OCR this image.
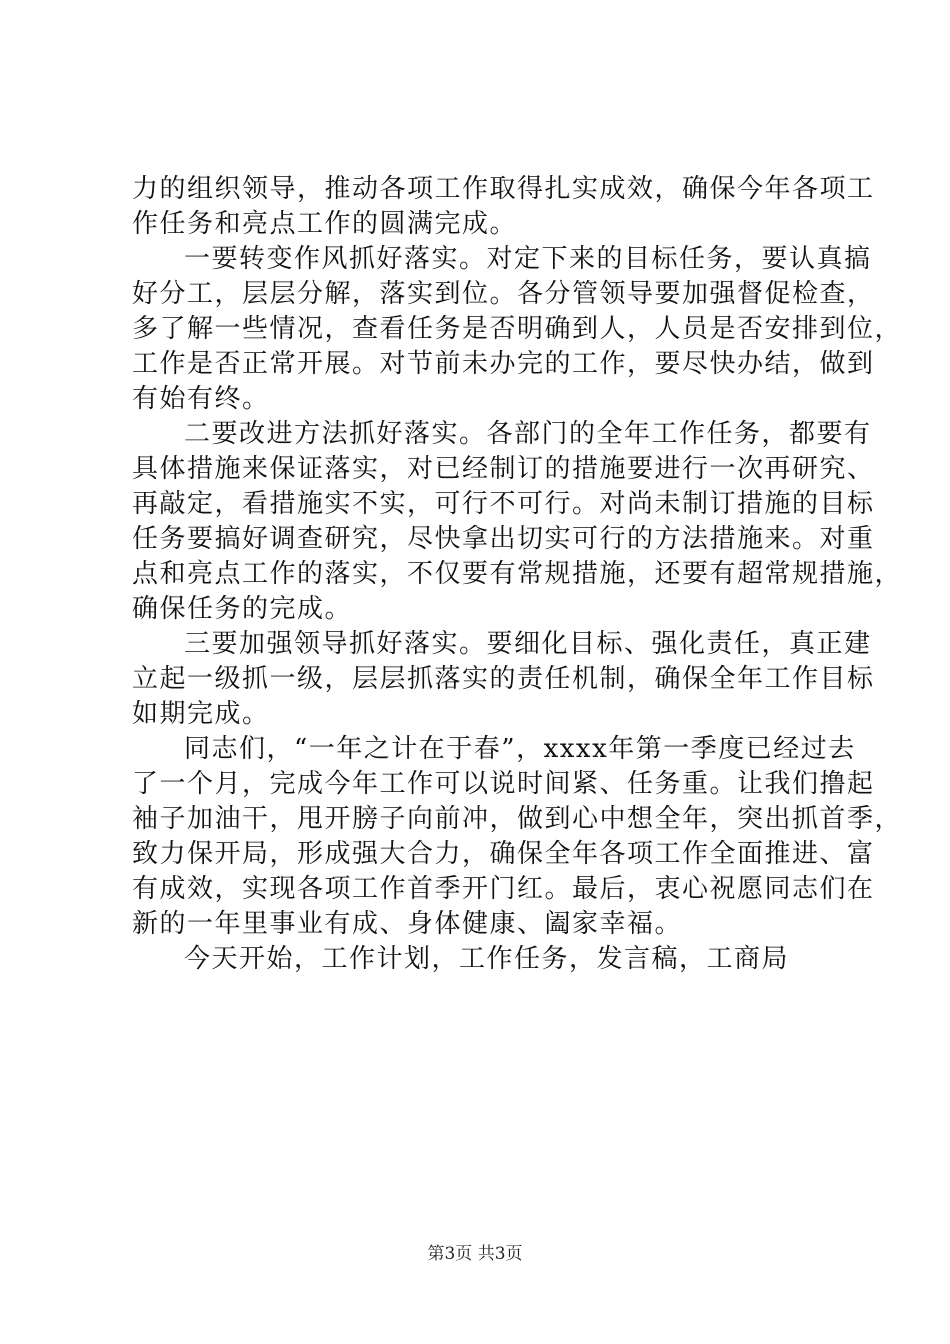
力的组织领导，推动各项工作取得扎实成效，确保今年各项工
作任务和亮点工作的圆满完成。
一要转变作风抓好落实。对定下来的目标任务，要认真搞
好分工，层层分解，落实到位。各分管领导要加强督促检查，
多了解一些情况，查看任务是否明确到人，人员是否安排到位，
工作是否正常开展。对节前未办完的工作，要尽快办结，做到
有始有终。
二要改进方法抓好落实。各部门的全年工作任务，都要有
具体措施来保证落实，对已经制订的措施要进行一次再研究、
再敲定，看措施实不实，可行不可行。对尚未制订措施的目标
任务要搞好调查研究，尽快拿出切实可行的方法措施来。对重
点和亮点工作的落实，不仅要有常规措施，还要有超常规措施，
确保任务的完成。
三要加强领导抓好落实。要细化目标、强化责任，真正建
立起一级抓一级，层层抓落实的责任机制，确保全年工作目标
如期完成。
同志们，“一年之计在于春”，xxxx年第一季度已经过去
了一个月，完成今年工作可以说时间紧、任务重。让我们撸起
袖子加油干，甩开膀子向前冲，做到心中想全年，突出抓首季，
致力保开局，形成强大合力，确保全年各项工作全面推进、富
有成效，实现各项工作首季开门红。最后，衷心祝愿同志们在
新的一年里事业有成、身体健康、阖家幸福。
今天开始，工作计划，工作任务，发言稿，工商局
第3页 共3页
